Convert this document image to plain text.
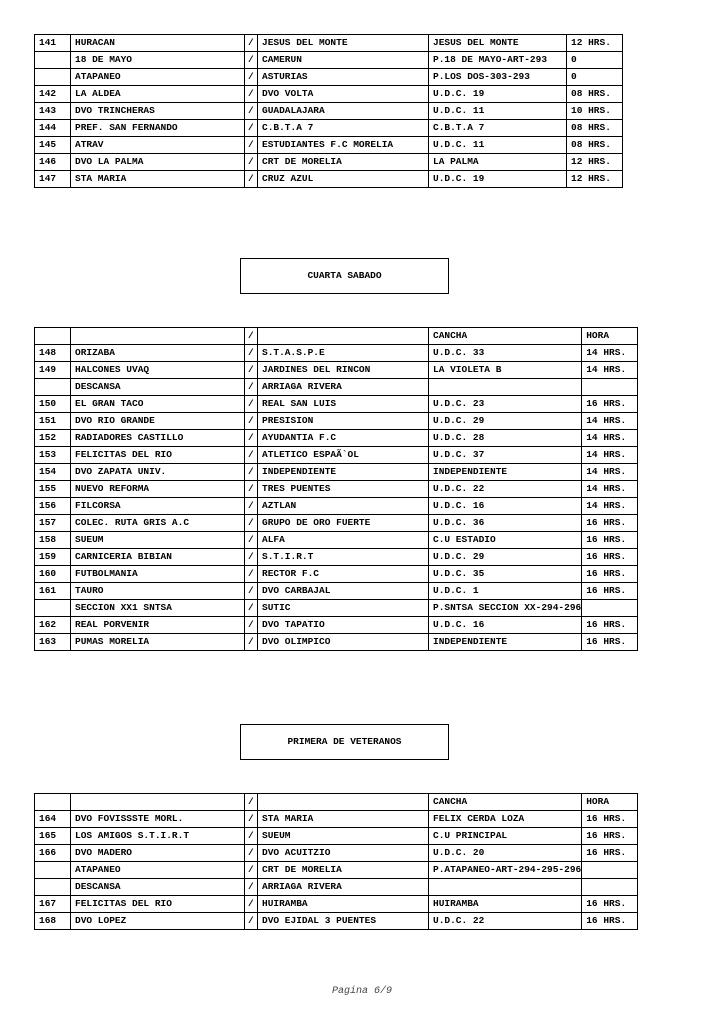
141	HURACAN	/	JESUS DEL MONTE	JESUS DEL MONTE	12 HRS.
	18 DE MAYO	/	CAMERUN	P.18 DE MAYO-ART-293	0
	ATAPANEO	/	ASTURIAS	P.LOS DOS-303-293	0
142	LA ALDEA	/	DVO VOLTA	U.D.C. 19	08 HRS.
143	DVO TRINCHERAS	/	GUADALAJARA	U.D.C. 11	10 HRS.
144	PREF. SAN FERNANDO	/	C.B.T.A 7	C.B.T.A 7	08 HRS.
145	ATRAV	/	ESTUDIANTES F.C MORELIA	U.D.C. 11	08 HRS.
146	DVO LA PALMA	/	CRT DE MORELIA	LA PALMA	12 HRS.
147	STA MARIA	/	CRUZ AZUL	U.D.C. 19	12 HRS.
CUARTA SABADO
		/		CANCHA	HORA
148	ORIZABA	/	S.T.A.S.P.E	U.D.C. 33	14 HRS.
149	HALCONES UVAQ	/	JARDINES DEL RINCON	LA VIOLETA B	14 HRS.
	DESCANSA	/	ARRIAGA RIVERA		
150	EL GRAN TACO	/	REAL SAN LUIS	U.D.C. 23	16 HRS.
151	DVO RIO GRANDE	/	PRESISION	U.D.C. 29	14 HRS.
152	RADIADORES CASTILLO	/	AYUDANTIA F.C	U.D.C. 28	14 HRS.
153	FELICITAS DEL RIO	/	ATLETICO ESPAÃ`OL	U.D.C. 37	14 HRS.
154	DVO ZAPATA UNIV.	/	INDEPENDIENTE	INDEPENDIENTE	14 HRS.
155	NUEVO REFORMA	/	TRES PUENTES	U.D.C. 22	14 HRS.
156	FILCORSA	/	AZTLAN	U.D.C. 16	14 HRS.
157	COLEC. RUTA GRIS A.C	/	GRUPO DE ORO FUERTE	U.D.C. 36	16 HRS.
158	SUEUM	/	ALFA	C.U ESTADIO	16 HRS.
159	CARNICERIA BIBIAN	/	S.T.I.R.T	U.D.C. 29	16 HRS.
160	FUTBOLMANIA	/	RECTOR F.C	U.D.C. 35	16 HRS.
161	TAURO	/	DVO CARBAJAL	U.D.C. 1	16 HRS.
	SECCION XX1 SNTSA	/	SUTIC	P.SNTSA SECCION XX-294-296	
162	REAL PORVENIR	/	DVO TAPATIO	U.D.C. 16	16 HRS.
163	PUMAS MORELIA	/	DVO OLIMPICO	INDEPENDIENTE	16 HRS.
PRIMERA DE VETERANOS
		/		CANCHA	HORA
164	DVO FOVISSSTE MORL.	/	STA MARIA	FELIX CERDA LOZA	16 HRS.
165	LOS AMIGOS S.T.I.R.T	/	SUEUM	C.U PRINCIPAL	16 HRS.
166	DVO MADERO	/	DVO ACUITZIO	U.D.C. 20	16 HRS.
	ATAPANEO	/	CRT DE MORELIA	P.ATAPANEO-ART-294-295-296	
	DESCANSA	/	ARRIAGA RIVERA		
167	FELICITAS DEL RIO	/	HUIRAMBA	HUIRAMBA	16 HRS.
168	DVO LOPEZ	/	DVO EJIDAL 3 PUENTES	U.D.C. 22	16 HRS.
Pagina 6/9
